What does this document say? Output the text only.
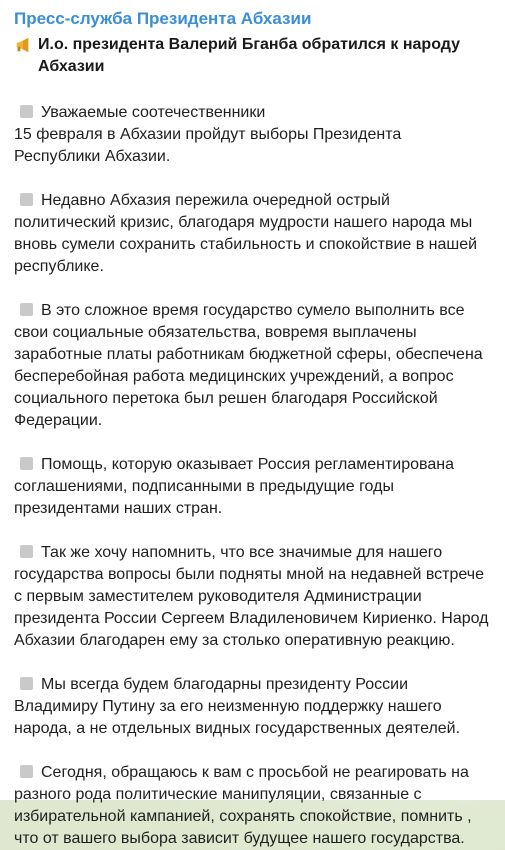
Пресс-служба Президента Абхазии
И.о. президента Валерий Бганба обратился к народу Абхазии
Уважаемые соотечественники
15 февраля в Абхазии пройдут выборы Президента Республики Абхазии.
Недавно Абхазия пережила очередной острый политический кризис, благодаря мудрости нашего народа мы вновь сумели сохранить стабильность и спокойствие в нашей республике.
В это сложное время государство сумело выполнить все свои социальные обязательства, вовремя выплачены заработные платы работникам бюджетной сферы, обеспечена бесперебойная работа медицинских учреждений, а вопрос социального перетока был решен благодаря Российской Федерации.
Помощь, которую оказывает Россия регламентирована соглашениями, подписанными в предыдущие годы президентами наших стран.
Так же хочу напомнить, что все значимые для нашего государства вопросы были подняты мной на недавней встрече с первым заместителем руководителя Администрации президента России Сергеем Владиленовичем Кириенко. Народ Абхазии благодарен ему за столько оперативную реакцию.
Мы всегда будем благодарны президенту России Владимиру Путину за его неизменную поддержку нашего народа, а не отдельных видных государственных деятелей.
Сегодня, обращаюсь к вам с просьбой не реагировать на разного рода политические манипуляции, связанные с избирательной кампанией, сохранять спокойствие, помнить , что от вашего выбора зависит будущее нашего государства.
